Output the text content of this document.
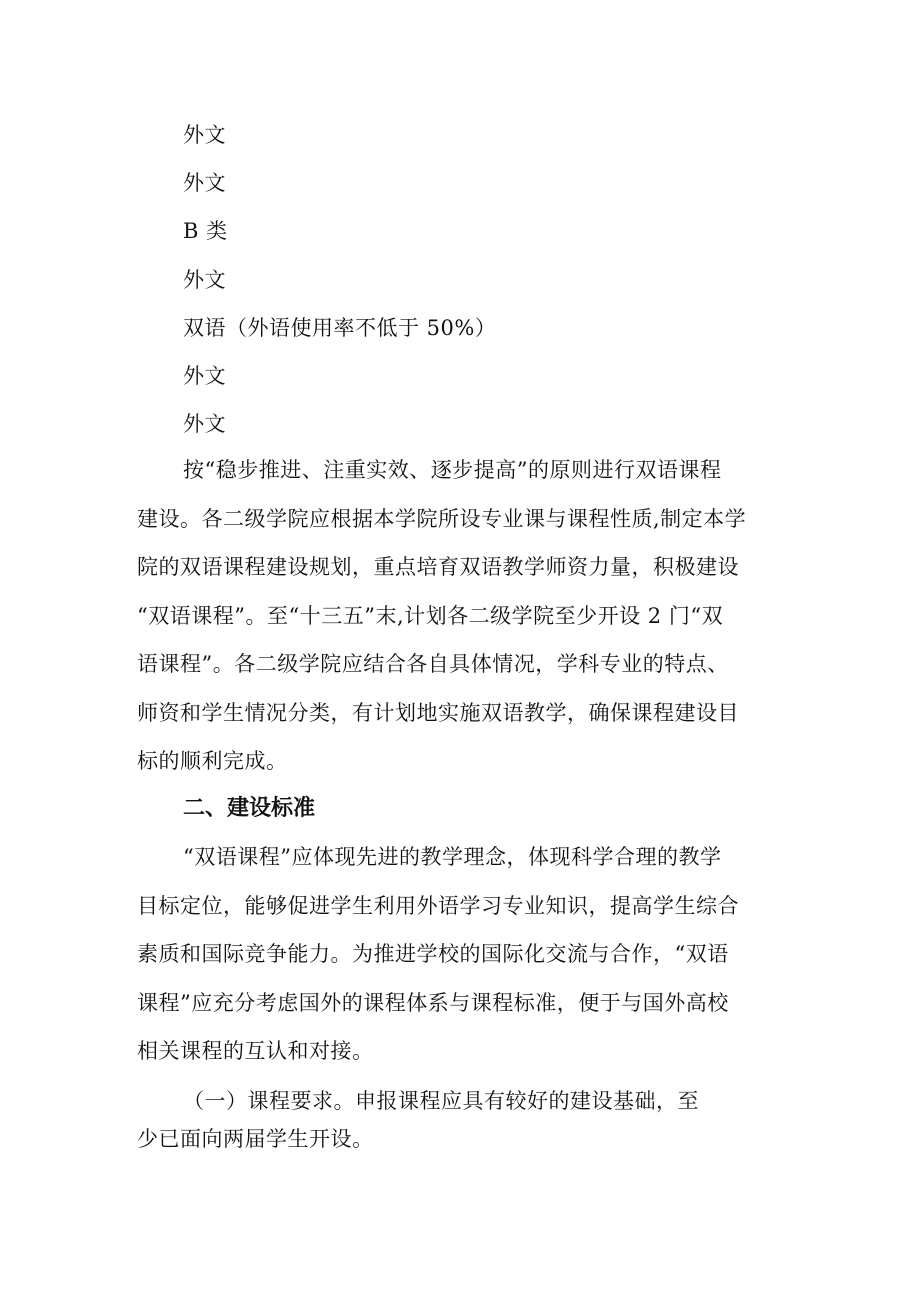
外文
外文
B 类
外文
双语（外语使用率不低于 50%）
外文
外文
按“稳步推进、注重实效、逐步提高”的原则进行双语课程
建设。各二级学院应根据本学院所设专业课与课程性质,制定本学
院的双语课程建设规划，重点培育双语教学师资力量，积极建设
“双语课程”。至“十三五”末,计划各二级学院至少开设 2 门“双
语课程”。各二级学院应结合各自具体情况，学科专业的特点、
师资和学生情况分类，有计划地实施双语教学，确保课程建设目
标的顺利完成。
二、建设标准
“双语课程”应体现先进的教学理念，体现科学合理的教学
目标定位，能够促进学生利用外语学习专业知识，提高学生综合
素质和国际竞争能力。为推进学校的国际化交流与合作，“双语
课程”应充分考虑国外的课程体系与课程标准，便于与国外高校
相关课程的互认和对接。
（一）课程要求。申报课程应具有较好的建设基础，至
少已面向两届学生开设。
